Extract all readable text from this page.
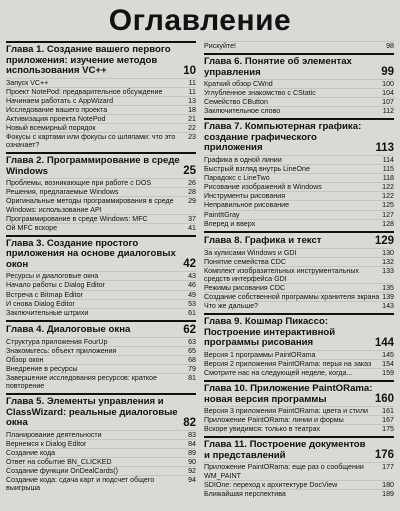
Оглавление
Глава 1. Создание вашего первого приложения: изучение методов использования VC++	10
Запуск VC++	11
Проект NotePod: предварительное обсуждение	11
Начинаем работать с AppWizard	13
Исследование вашего проекта	18
Активизация проекта NotePod	21
Новый всемирный порядок	22
Фокусы с картами или фокусы со шляпами: что это означает?
23
Глава 2. Программирование в среде Windows	25
Проблемы, возникающие при работе с DOS	26
Решения, предлагаемые Windows	28
Оригинальные методы программирования в среде Windows: использование API
29
Программирование в среде Windows: MFC	37
Ой MFC вскоре	41
Глава 3. Создание простого приложения на основе диалоговых окон	42
Ресурсы и диалоговые окна	43
Начало работы с Dialog Editor	46
Встреча с Bitmap Editor	49
И снова Dialog Editor	53
Заключительные штрихи	61
Глава 4. Диалоговые окна	62
Структура приложения FourUp	63
Знакомьтесь: объект приложения	65
Обзор окон	68
Внедрение в ресурсы	79
Завершение исследования ресурсов: краткое повторение
81
Глава 5. Элементы управления и ClassWizard: реальные диалоговые окна	82
Планирование деятельности	83
Вернемся к Dialog Editor	84
Создание кода	89
Ответ на событие BN_CLICKED	90
Создание функции OnDealCards()	92
Создание кода: сдача карт и подсчет общего выигрыша
94
Рискуйте!	98
Глава 6. Понятие об элементах управления	99
Краткий обзор CWnd	100
Углубленное знакомство с CStatic	104
Семейство CButton	107
Заключительное слово	112
Глава 7. Компьютерная графика: создание графического приложения	113
Графика в одной линии	114
Быстрый взгляд внутрь LineOne	115
Парадокс с LineTwo	118
Рисование изображений в Windows	122
Инструменты рисования	122
Неправильное рисование	125
PaintItGray	127
Вперед и вверх	128
Глава 8. Графика и текст	129
За кулисами Windows и GDI	130
Понятие семейства CDC	132
Комплект изобразительных инструментальных средств интерфейса GDI
133
Режимы рисования CDC	135
Создание собственной программы хранителя экрана 139
Что же дальше?	143
Глава 9. Кошмар Пикассо: Построение интерактивной программы рисования	144
Версия 1 программы PaintORama	145
Версия 2 приложения PaintORama: перья на заказ	154
Смотрите нас на следующей неделе, когда...	159
Глава 10. Приложение PaintORama: новая версия программы	160
Версия 3 приложения PaintORama: цвета и стили	161
Приложение PaintORama: линии и формы	167
Вскоре увидимся: только в театрах	175
Глава 11. Построение документов и представлений	176
Приложение PaintORama: еще раз о сообщении WM_PAINT
177
SDIOne: переход к архитектуре DocView	180
Ближайшая перспектива	189
